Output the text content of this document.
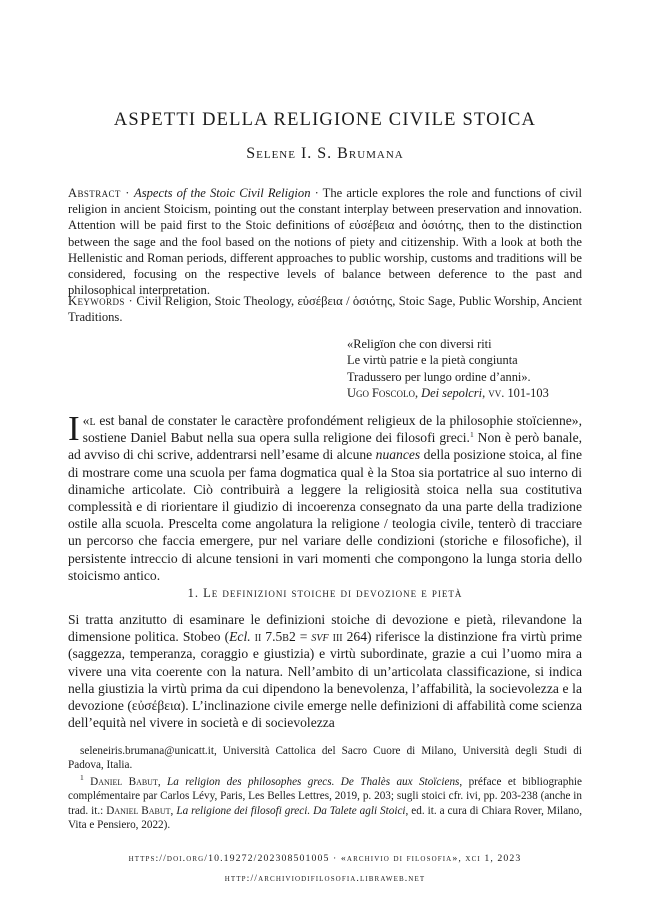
ASPETTI DELLA RELIGIONE CIVILE STOICA
Selene I. S. Brumana
Abstract · Aspects of the Stoic Civil Religion · The article explores the role and functions of civil religion in ancient Stoicism, pointing out the constant interplay between preservation and innovation. Attention will be paid first to the Stoic definitions of εὐσέβεια and ὁσιότης, then to the distinction between the sage and the fool based on the notions of piety and citizenship. With a look at both the Hellenistic and Roman periods, different approaches to public worship, customs and traditions will be considered, focusing on the respective levels of balance between deference to the past and philosophical interpretation.
Keywords · Civil Religion, Stoic Theology, εὐσέβεια / ὁσιότης, Stoic Sage, Public Worship, Ancient Traditions.
«Religïon che con diversi riti
Le virtù patrie e la pietà congiunta
Tradussero per lungo ordine d’anni».
Ugo Foscolo, Dei sepolcri, vv. 101-103
«
I l est banal de constater le caractère profondément religieux de la philosophie stoïcienne», sostiene Daniel Babut nella sua opera sulla religione dei filosofi greci.$^1$ Non è però banale, ad avviso di chi scrive, addentrarsi nell’esame di alcune nuances della posizione stoica, al fine di mostrare come una scuola per fama dogmatica qual è la Stoa sia portatrice al suo interno di dinamiche articolate. Ciò contribuirà a leggere la religiosità stoica nella sua costitutiva complessità e di riorientare il giudizio di incoerenza consegnato da una parte della tradizione ostile alla scuola. Prescelta come angolatura la religione / teologia civile, tenterò di tracciare un percorso che faccia emergere, pur nel variare delle condizioni (storiche e filosofiche), il persistente intreccio di alcune tensioni in vari momenti che compongono la lunga storia dello stoicismo antico.
1. Le definizioni stoiche di devozione e pietà
Si tratta anzitutto di esaminare le definizioni stoiche di devozione e pietà, rilevandone la dimensione politica. Stobeo (Ecl. ii 7.5b2 = svf iii 264) riferisce la distinzione fra virtù prime (saggezza, temperanza, coraggio e giustizia) e virtù subordinate, grazie a cui l’uomo mira a vivere una vita coerente con la natura. Nell’ambito di un’articolata classificazione, si indica nella giustizia la virtù prima da cui dipendono la benevolenza, l’affabilità, la socievolezza e la devozione (εὐσέβεια). L’inclinazione civile emerge nelle definizioni di affabilità come scienza dell’equità nel vivere in società e di socievolezza
seleneiris.brumana@unicatt.it, Università Cattolica del Sacro Cuore di Milano, Università degli Studi di Padova, Italia.
$^1$ Daniel Babut, La religion des philosophes grecs. De Thalès aux Stoïciens, préface et bibliographie complémentaire par Carlos Lévy, Paris, Les Belles Lettres, 2019, p. 203; sugli stoici cfr. ivi, pp. 203-238 (anche in trad. it.: Daniel Babut, La religione dei filosofi greci. Da Talete agli Stoici, ed. it. a cura di Chiara Rover, Milano, Vita e Pensiero, 2022).
https://doi.org/10.19272/202308501005 · «archivio di filosofia», xci 1, 2023
http://archiviodifilosofia.libraweb.net
